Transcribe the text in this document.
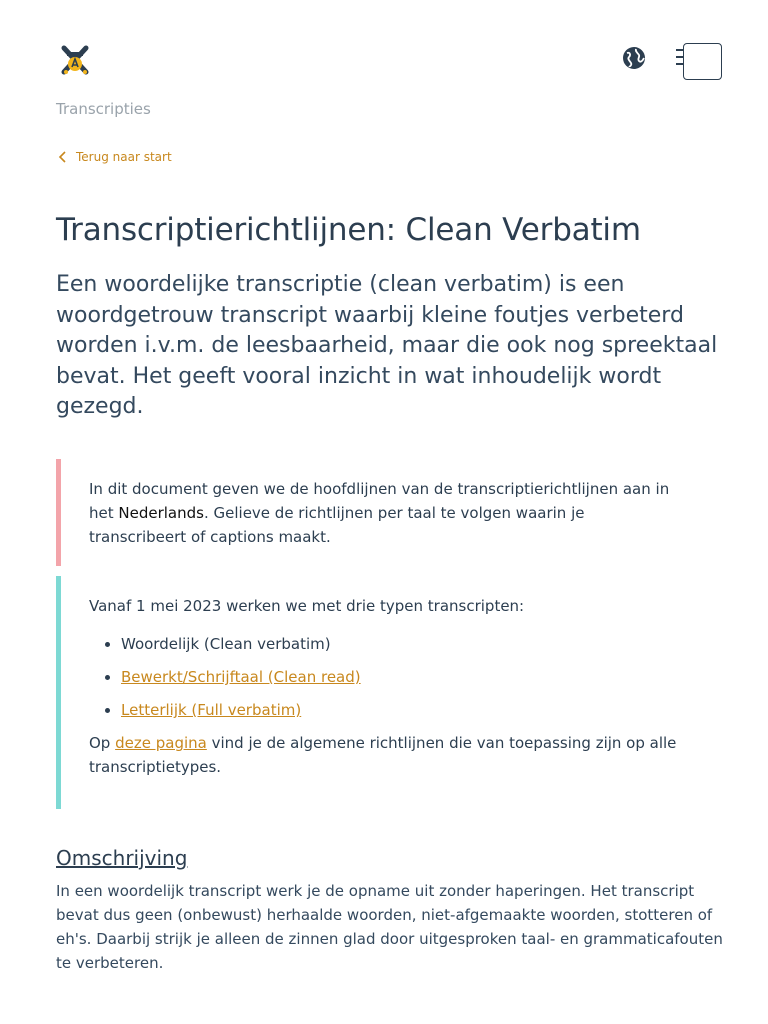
Transcripties
Terug naar start
Transcriptierichtlijnen: Clean Verbatim

Een woordelijke transcriptie (clean verbatim) is een woordgetrouw transcript waarbij kleine foutjes verbeterd worden i.v.m. de leesbaarheid, maar die ook nog spreektaal bevat. Het geeft vooral inzicht in wat inhoudelijk wordt gezegd.

In dit document geven we de hoofdlijnen van de transcriptierichtlijnen aan in het Nederlands. Gelieve de richtlijnen per taal te volgen waarin je transcribeert of captions maakt.

Vanaf 1 mei 2023 werken we met drie typen transcripten:

• Woordelijk (Clean verbatim)
• Bewerkt/Schrijftaal (Clean read)
• Letterlijk (Full verbatim)

Op deze pagina vind je de algemene richtlijnen die van toepassing zijn op alle transcriptietypes.

Omschrijving

In een woordelijk transcript werk je de opname uit zonder haperingen. Het transcript bevat dus geen (onbewust) herhaalde woorden, niet-afgemaakte woorden, stotteren of eh's. Daarbij strijk je alleen de zinnen glad door uitgesproken taal- en grammaticafouten te verbeteren.
